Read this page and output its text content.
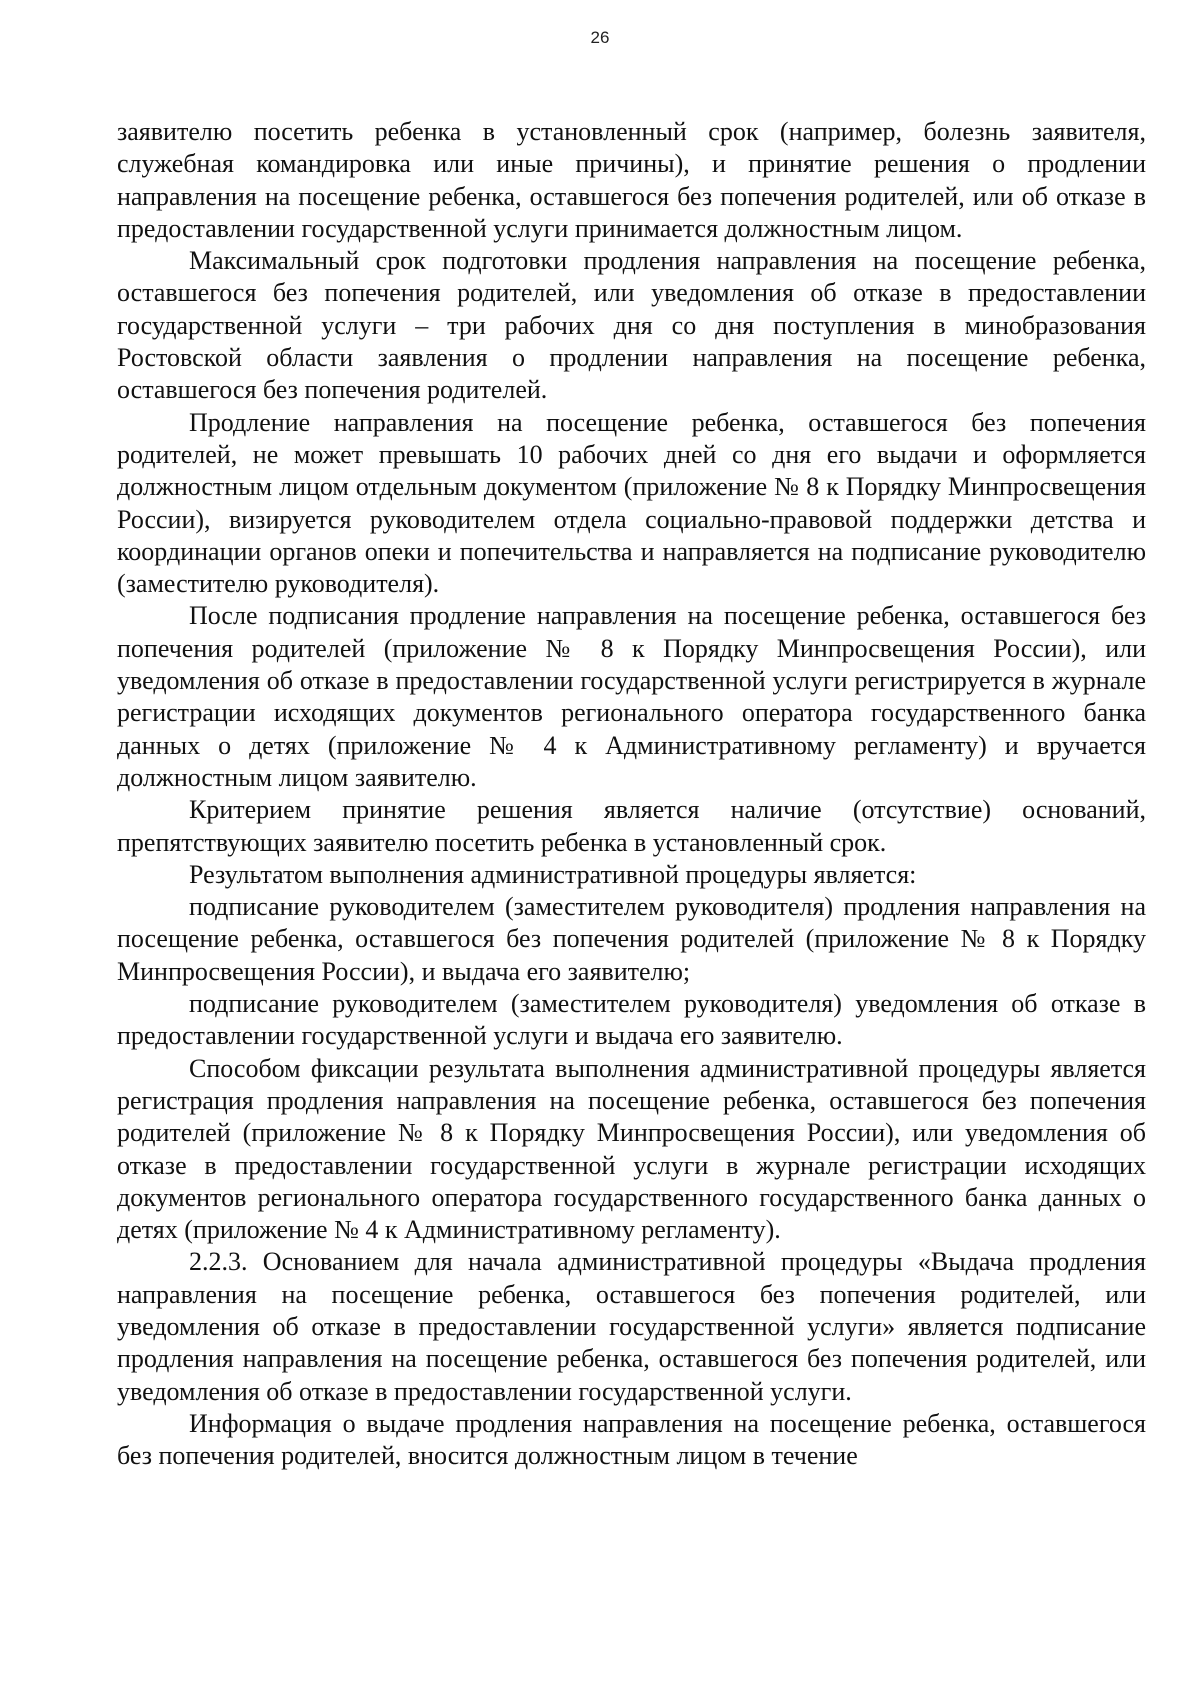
26

заявителю посетить ребенка в установленный срок (например, болезнь заявителя, служебная командировка или иные причины), и принятие решения о продлении направления на посещение ребенка, оставшегося без попечения родителей, или об отказе в предоставлении государственной услуги принимается должностным лицом.

Максимальный срок подготовки продления направления на посещение ребенка, оставшегося без попечения родителей, или уведомления об отказе в предоставлении государственной услуги – три рабочих дня со дня поступления в минобразования Ростовской области заявления о продлении направления на посещение ребенка, оставшегося без попечения родителей.

Продление направления на посещение ребенка, оставшегося без попечения родителей, не может превышать 10 рабочих дней со дня его выдачи и оформляется должностным лицом отдельным документом (приложение № 8 к Порядку Минпросвещения России), визируется руководителем отдела социально-правовой поддержки детства и координации органов опеки и попечительства и направляется на подписание руководителю (заместителю руководителя).

После подписания продление направления на посещение ребенка, оставшегося без попечения родителей (приложение № 8 к Порядку Минпросвещения России), или уведомления об отказе в предоставлении государственной услуги регистрируется в журнале регистрации исходящих документов регионального оператора государственного банка данных о детях (приложение № 4 к Административному регламенту) и вручается должностным лицом заявителю.

Критерием принятие решения является наличие (отсутствие) оснований, препятствующих заявителю посетить ребенка в установленный срок.

Результатом выполнения административной процедуры является:

подписание руководителем (заместителем руководителя) продления направления на посещение ребенка, оставшегося без попечения родителей (приложение № 8 к Порядку Минпросвещения России), и выдача его заявителю;

подписание руководителем (заместителем руководителя) уведомления об отказе в предоставлении государственной услуги и выдача его заявителю.

Способом фиксации результата выполнения административной процедуры является регистрация продления направления на посещение ребенка, оставшегося без попечения родителей (приложение № 8 к Порядку Минпросвещения России), или уведомления об отказе в предоставлении государственной услуги в журнале регистрации исходящих документов регионального оператора государственного государственного банка данных о детях (приложение № 4 к Административному регламенту).

2.2.3. Основанием для начала административной процедуры «Выдача продления направления на посещение ребенка, оставшегося без попечения родителей, или уведомления об отказе в предоставлении государственной услуги» является подписание продления направления на посещение ребенка, оставшегося без попечения родителей, или уведомления об отказе в предоставлении государственной услуги.

Информация о выдаче продления направления на посещение ребенка, оставшегося без попечения родителей, вносится должностным лицом в течение
